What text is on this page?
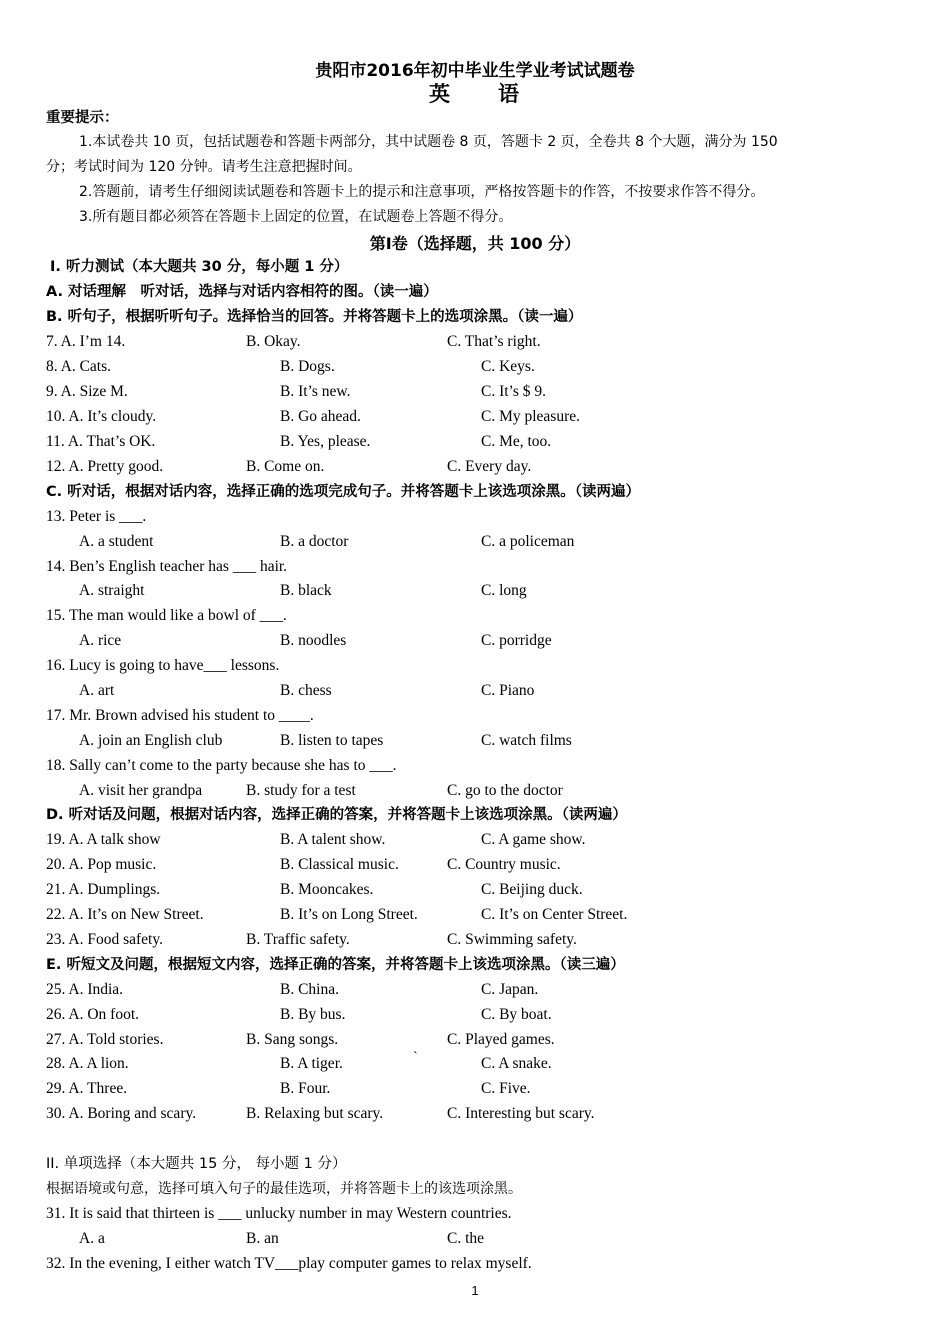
贵阳市2016年初中毕业生学业考试试题卷
英　　语
重要提示：
1.本试卷共 10 页，包括试题卷和答题卡两部分，其中试题卷 8 页，答题卡 2 页，全卷共 8 个大题，满分为 150
分；考试时间为 120 分钟。请考生注意把握时间。
2.答题前，请考生仔细阅读试题卷和答题卡上的提示和注意事项，严格按答题卡的作答，不按要求作答不得分。
3.所有题目都必须答在答题卡上固定的位置，在试题卷上答题不得分。
第Ⅰ卷（选择题，共 100 分）
Ⅰ. 听力测试（本大题共 30 分，每小题 1 分）
A. 对话理解　听对话，选择与对话内容相符的图。（读一遍）
B. 听句子，根据听听句子。选择恰当的回答。并将答题卡上的选项涂黑。（读一遍）
7. A. I’m 14.	B. Okay.	C. That’s right.
8. A. Cats.	B. Dogs.	C. Keys.
9. A. Size M.	B. It’s new.	C. It’s $ 9.
10. A. It’s cloudy.	B. Go ahead.	C. My pleasure.
11. A. That’s OK.	B. Yes, please.	C. Me, too.
12. A. Pretty good.	B. Come on.	C. Every day.
C. 听对话，根据对话内容，选择正确的选项完成句子。并将答题卡上该选项涂黑。（读两遍）
13. Peter is ___.
A. a student	B. a doctor	C. a policeman
14. Ben’s English teacher has ___ hair.
A. straight	B. black	C. long
15. The man would like a bowl of ___.
A. rice	B. noodles	C. porridge
16. Lucy is going to have___ lessons.
A. art	B. chess	C. Piano
17. Mr. Brown advised his student to ____.
A. join an English club	B. listen to tapes	C. watch films
18. Sally can’t come to the party because she has to ___.
A. visit her grandpa	B. study for a test	C. go to the doctor
D. 听对话及问题，根据对话内容，选择正确的答案，并将答题卡上该选项涂黑。（读两遍）
19. A. A talk show	B. A talent show.	C. A game show.
20. A. Pop music.	B. Classical music.	C. Country music.
21. A. Dumplings.	B. Mooncakes.	C. Beijing duck.
22. A. It’s on New Street.	B. It’s on Long Street.	C. It’s on Center Street.
23. A. Food safety.	B. Traffic safety.	C. Swimming safety.
E. 听短文及问题，根据短文内容，选择正确的答案，并将答题卡上该选项涂黑。（读三遍）
25. A. India.	B. China.	C. Japan.
26. A. On foot.	B. By bus.	C. By boat.
27. A. Told stories.	B. Sang songs.	C. Played games.
28. A. A lion.	B. A tiger.	C. A snake.
`
29. A. Three.	B. Four.	C. Five.
30. A. Boring and scary.	B. Relaxing but scary.	C. Interesting but scary.
II. 单项选择（本大题共 15 分， 每小题 1 分）
根据语境或句意，选择可填入句子的最佳选项，并将答题卡上的该选项涂黑。
31. It is said that thirteen is ___ unlucky number in may Western countries.
A. a	B. an	C. the
32. In the evening, I either watch TV___play computer games to relax myself.
1
